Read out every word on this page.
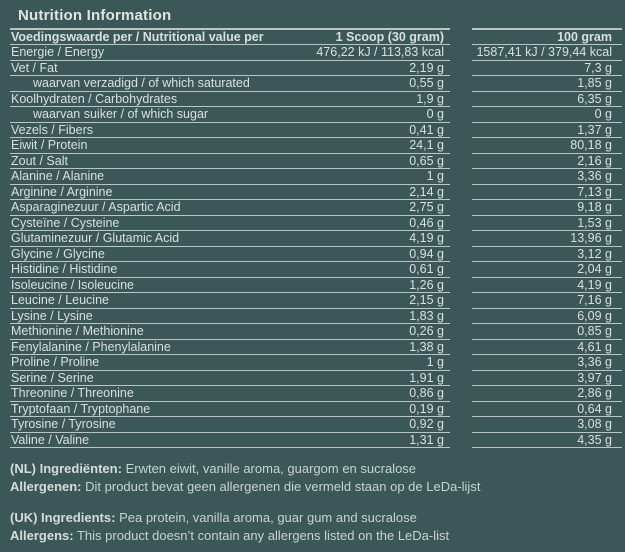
Nutrition Information
Voedingswaarde per / Nutritional value per	1 Scoop (30 gram)	100 gram
Energie / Energy	476,22 kJ / 113,83 kcal	1587,41 kJ / 379,44 kcal
Vet / Fat	2,19 g	7,3 g
waarvan verzadigd / of which saturated	0,55 g	1,85 g
Koolhydraten / Carbohydrates	1,9 g	6,35 g
waarvan suiker / of which sugar	0 g	0 g
Vezels / Fibers	0,41 g	1,37 g
Eiwit / Protein	24,1 g	80,18 g
Zout / Salt	0,65 g	2,16 g
Alanine / Alanine	1 g	3,36 g
Arginine / Arginine	2,14 g	7,13 g
Asparaginezuur / Aspartic Acid	2,75 g	9,18 g
Cysteïne / Cysteine	0,46 g	1,53 g
Glutaminezuur / Glutamic Acid	4,19 g	13,96 g
Glycine / Glycine	0,94 g	3,12 g
Histidine / Histidine	0,61 g	2,04 g
Isoleucine / Isoleucine	1,26 g	4,19 g
Leucine / Leucine	2,15 g	7,16 g
Lysine / Lysine	1,83 g	6,09 g
Methionine / Methionine	0,26 g	0,85 g
Fenylalanine / Phenylalanine	1,38 g	4,61 g
Proline / Proline	1 g	3,36 g
Serine / Serine	1,91 g	3,97 g
Threonine / Threonine	0,86 g	2,86 g
Tryptofaan / Tryptophane	0,19 g	0,64 g
Tyrosine / Tyrosine	0,92 g	3,08 g
Valine / Valine	1,31 g	4,35 g
(NL) Ingrediënten: Erwten eiwit, vanille aroma, guargom en sucralose
Allergenen: Dit product bevat geen allergenen die vermeld staan op de LeDa-lijst
(UK) Ingredients: Pea protein, vanilla aroma, guar gum and sucralose
Allergens: This product doesn’t contain any allergens listed on the LeDa-list
